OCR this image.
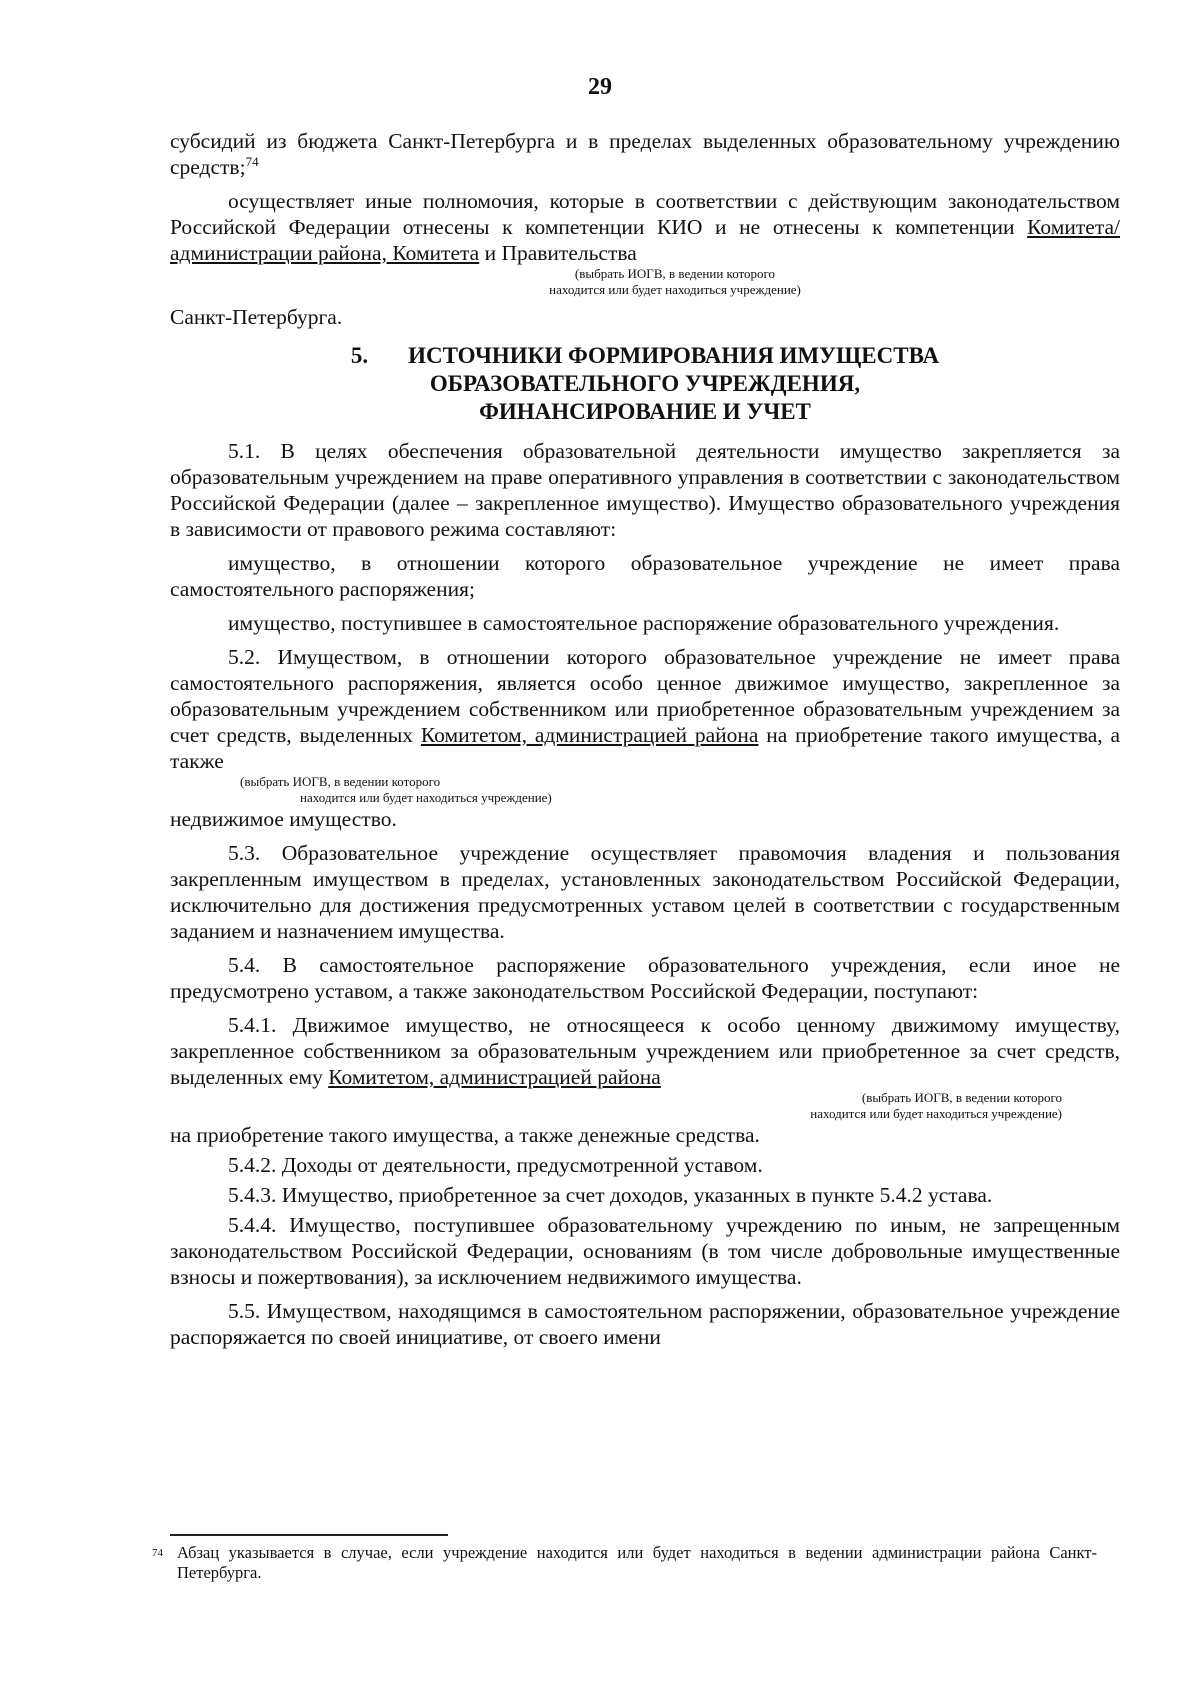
29

субсидий из бюджета Санкт-Петербурга и в пределах выделенных образовательному учреждению средств;$^{74}$

осуществляет иные полномочия, которые в соответствии с действующим законодательством Российской Федерации отнесены к компетенции КИО и не отнесены к компетенции Комитета/администрации района, Комитета и Правительства

(выбрать ИОГВ, в ведении которого
находится или будет находиться учреждение)

Санкт-Петербурга.

5. ИСТОЧНИКИ ФОРМИРОВАНИЯ ИМУЩЕСТВА
ОБРАЗОВАТЕЛЬНОГО УЧРЕЖДЕНИЯ,
ФИНАНСИРОВАНИЕ И УЧЕТ

5.1. В целях обеспечения образовательной деятельности имущество закрепляется за образовательным учреждением на праве оперативного управления в соответствии с законодательством Российской Федерации (далее – закрепленное имущество). Имущество образовательного учреждения в зависимости от правового режима составляют:

имущество, в отношении которого образовательное учреждение не имеет права самостоятельного распоряжения;

имущество, поступившее в самостоятельное распоряжение образовательного учреждения.

5.2. Имуществом, в отношении которого образовательное учреждение не имеет права самостоятельного распоряжения, является особо ценное движимое имущество, закрепленное за образовательным учреждением собственником или приобретенное образовательным учреждением за счет средств, выделенных Комитетом, администрацией района на приобретение такого имущества, а также

(выбрать ИОГВ, в ведении которого
находится или будет находиться учреждение)

недвижимое имущество.

5.3. Образовательное учреждение осуществляет правомочия владения и пользования закрепленным имуществом в пределах, установленных законодательством Российской Федерации, исключительно для достижения предусмотренных уставом целей в соответствии с государственным заданием и назначением имущества.

5.4. В самостоятельное распоряжение образовательного учреждения, если иное не предусмотрено уставом, а также законодательством Российской Федерации, поступают:

5.4.1. Движимое имущество, не относящееся к особо ценному движимому имуществу, закрепленное собственником за образовательным учреждением или приобретенное за счет средств, выделенных ему Комитетом, администрацией района

(выбрать ИОГВ, в ведении которого
находится или будет находиться учреждение)

на приобретение такого имущества, а также денежные средства.

5.4.2. Доходы от деятельности, предусмотренной уставом.

5.4.3. Имущество, приобретенное за счет доходов, указанных в пункте 5.4.2 устава.

5.4.4. Имущество, поступившее образовательному учреждению по иным, не запрещенным законодательством Российской Федерации, основаниям (в том числе добровольные имущественные взносы и пожертвования), за исключением недвижимого имущества.

5.5. Имуществом, находящимся в самостоятельном распоряжении, образовательное учреждение распоряжается по своей инициативе, от своего имени

$^{74}$ Абзац указывается в случае, если учреждение находится или будет находиться в ведении администрации района Санкт-Петербурга.
